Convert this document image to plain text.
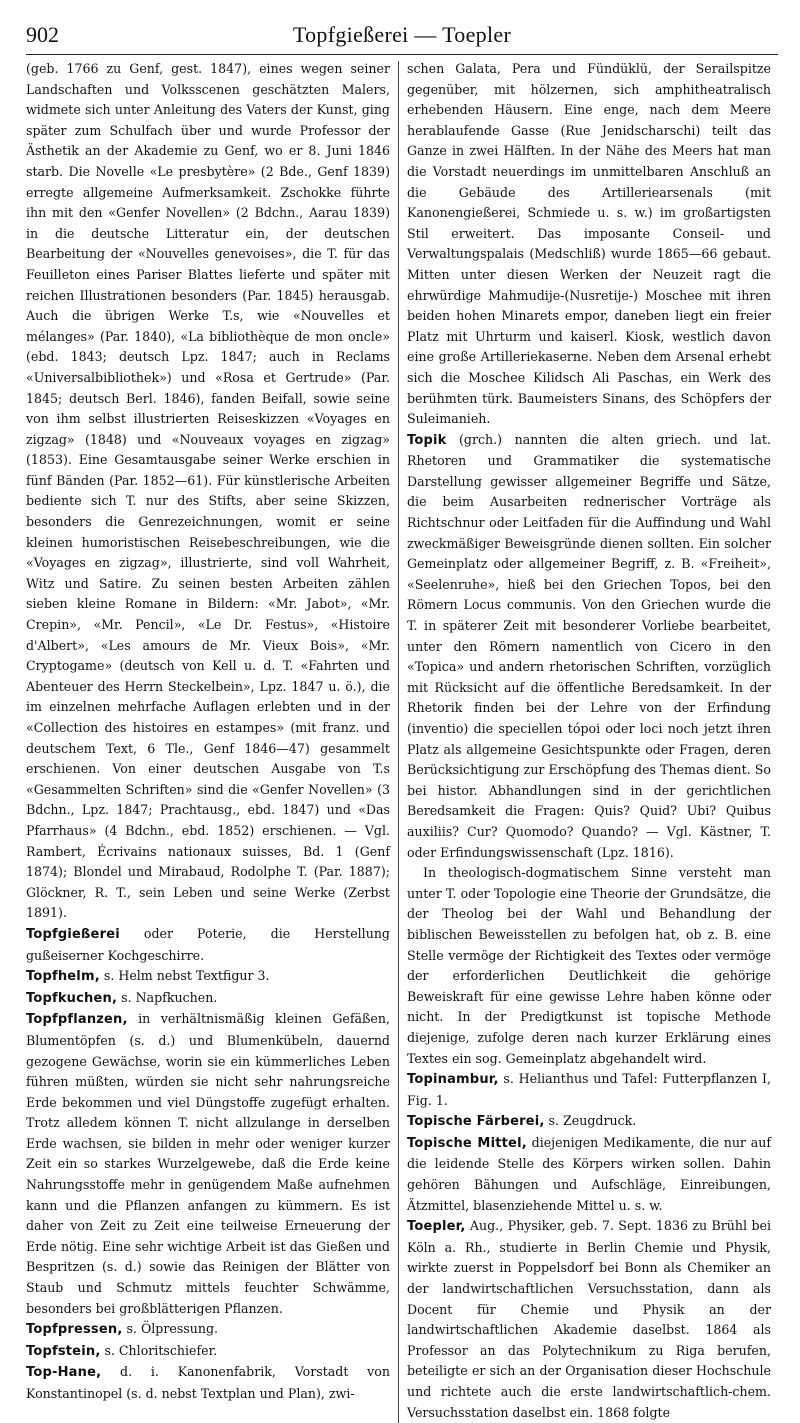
902	Topfgießerei — Toepler

(geb. 1766 zu Genf, gest. 1847), eines wegen seiner Landschaften und Volksscenen geschätzten Malers, widmete sich unter Anleitung des Vaters der Kunst, ging später zum Schulfach über und wurde Professor der Ästhetik an der Akademie zu Genf, wo er 8. Juni 1846 starb. Die Novelle «Le presbytère» (2 Bde., Genf 1839) erregte allgemeine Aufmerksamkeit. Zschokke führte ihn mit den «Genfer Novellen» (2 Bdchn., Aarau 1839) in die deutsche Litteratur ein, der deutschen Bearbeitung der «Nouvelles genevoises», die T. für das Feuilleton eines Pariser Blattes lieferte und später mit reichen Illustrationen besonders (Par. 1845) herausgab. Auch die übrigen Werke T.s, wie «Nouvelles et mélanges» (Par. 1840), «La bibliothèque de mon oncle» (ebd. 1843; deutsch Lpz. 1847; auch in Reclams «Universalbibliothek») und «Rosa et Gertrude» (Par. 1845; deutsch Berl. 1846), fanden Beifall, sowie seine von ihm selbst illustrierten Reiseskizzen «Voyages en zigzag» (1848) und «Nouveaux voyages en zigzag» (1853). Eine Gesamtausgabe seiner Werke erschien in fünf Bänden (Par. 1852—61). Für künstlerische Arbeiten bediente sich T. nur des Stifts, aber seine Skizzen, besonders die Genrezeichnungen, womit er seine kleinen humoristischen Reisebeschreibungen, wie die «Voyages en zigzag», illustrierte, sind voll Wahrheit, Witz und Satire. Zu seinen besten Arbeiten zählen sieben kleine Romane in Bildern: «Mr. Jabot», «Mr. Crepin», «Mr. Pencil», «Le Dr. Festus», «Histoire d'Albert», «Les amours de Mr. Vieux Bois», «Mr. Cryptogame» (deutsch von Kell u. d. T. «Fahrten und Abenteuer des Herrn Steckelbein», Lpz. 1847 u. ö.), die im einzelnen mehrfache Auflagen erlebten und in der «Collection des histoires en estampes» (mit franz. und deutschem Text, 6 Tle., Genf 1846—47) gesammelt erschienen. Von einer deutschen Ausgabe von T.s «Gesammelten Schriften» sind die «Genfer Novellen» (3 Bdchn., Lpz. 1847; Prachtausg., ebd. 1847) und «Das Pfarrhaus» (4 Bdchn., ebd. 1852) erschienen. — Vgl. Rambert, Écrivains nationaux suisses, Bd. 1 (Genf 1874); Blondel und Mirabaud, Rodolphe T. (Par. 1887); Glöckner, R. T., sein Leben und seine Werke (Zerbst 1891).

Topfgießerei oder Poterie, die Herstellung gußeiserner Kochgeschirre.

Topfhelm, s. Helm nebst Textfigur 3.

Topfkuchen, s. Napfkuchen.

Topfpflanzen, in verhältnismäßig kleinen Gefäßen, Blumentöpfen (s. d.) und Blumenkübeln, dauernd gezogene Gewächse, worin sie ein kümmerliches Leben führen müßten, würden sie nicht sehr nahrungsreiche Erde bekommen und viel Düngstoffe zugefügt erhalten. Trotz alledem können T. nicht allzulange in derselben Erde wachsen, sie bilden in mehr oder weniger kurzer Zeit ein so starkes Wurzelgewebe, daß die Erde keine Nahrungsstoffe mehr in genügendem Maße aufnehmen kann und die Pflanzen anfangen zu kümmern. Es ist daher von Zeit zu Zeit eine teilweise Erneuerung der Erde nötig. Eine sehr wichtige Arbeit ist das Gießen und Bespritzen (s. d.) sowie das Reinigen der Blätter von Staub und Schmutz mittels feuchter Schwämme, besonders bei großblätterigen Pflanzen.

Topfpressen, s. Ölpressung.

Topfstein, s. Chloritschiefer.

Top-Hane, d. i. Kanonenfabrik, Vorstadt von Konstantinopel (s. d. nebst Textplan und Plan), zwi-

schen Galata, Pera und Fündüklü, der Serailspitze gegenüber, mit hölzernen, sich amphitheatralisch erhebenden Häusern. Eine enge, nach dem Meere herablaufende Gasse (Rue Jenidscharschi) teilt das Ganze in zwei Hälften. In der Nähe des Meers hat man die Vorstadt neuerdings im unmittelbaren Anschluß an die Gebäude des Artilleriearsenals (mit Kanonengießerei, Schmiede u. s. w.) im großartigsten Stil erweitert. Das imposante Conseil- und Verwaltungspalais (Medschliß) wurde 1865—66 gebaut. Mitten unter diesen Werken der Neuzeit ragt die ehrwürdige Mahmudije-(Nusretije-) Moschee mit ihren beiden hohen Minarets empor, daneben liegt ein freier Platz mit Uhrturm und kaiserl. Kiosk, westlich davon eine große Artilleriekaserne. Neben dem Arsenal erhebt sich die Moschee Kilidsch Ali Paschas, ein Werk des berühmten türk. Baumeisters Sinans, des Schöpfers der Suleimanieh.

Topik (grch.) nannten die alten griech. und lat. Rhetoren und Grammatiker die systematische Darstellung gewisser allgemeiner Begriffe und Sätze, die beim Ausarbeiten rednerischer Vorträge als Richtschnur oder Leitfaden für die Auffindung und Wahl zweckmäßiger Beweisgründe dienen sollten. Ein solcher Gemeinplatz oder allgemeiner Begriff, z. B. «Freiheit», «Seelenruhe», hieß bei den Griechen Topos, bei den Römern Locus communis. Von den Griechen wurde die T. in späterer Zeit mit besonderer Vorliebe bearbeitet, unter den Römern namentlich von Cicero in den «Topica» und andern rhetorischen Schriften, vorzüglich mit Rücksicht auf die öffentliche Beredsamkeit. In der Rhetorik finden bei der Lehre von der Erfindung (inventio) die speciellen tópoi oder loci noch jetzt ihren Platz als allgemeine Gesichtspunkte oder Fragen, deren Berücksichtigung zur Erschöpfung des Themas dient. So bei histor. Abhandlungen sind in der gerichtlichen Beredsamkeit die Fragen: Quis? Quid? Ubi? Quibus auxiliis? Cur? Quomodo? Quando? — Vgl. Kästner, T. oder Erfindungswissenschaft (Lpz. 1816).

In theologisch-dogmatischem Sinne versteht man unter T. oder Topologie eine Theorie der Grundsätze, die der Theolog bei der Wahl und Behandlung der biblischen Beweisstellen zu befolgen hat, ob z. B. eine Stelle vermöge der Richtigkeit des Textes oder vermöge der erforderlichen Deutlichkeit die gehörige Beweiskraft für eine gewisse Lehre haben könne oder nicht. In der Predigtkunst ist topische Methode diejenige, zufolge deren nach kurzer Erklärung eines Textes ein sog. Gemeinplatz abgehandelt wird.

Topinambur, s. Helianthus und Tafel: Futterpflanzen I, Fig. 1.

Topische Färberei, s. Zeugdruck.

Topische Mittel, diejenigen Medikamente, die nur auf die leidende Stelle des Körpers wirken sollen. Dahin gehören Bähungen und Aufschläge, Einreibungen, Ätzmittel, blasenziehende Mittel u. s. w.

Toepler, Aug., Physiker, geb. 7. Sept. 1836 zu Brühl bei Köln a. Rh., studierte in Berlin Chemie und Physik, wirkte zuerst in Poppelsdorf bei Bonn als Chemiker an der landwirtschaftlichen Versuchsstation, dann als Docent für Chemie und Physik an der landwirtschaftlichen Akademie daselbst. 1864 als Professor an das Polytechnikum zu Riga berufen, beteiligte er sich an der Organisation dieser Hochschule und richtete auch die erste landwirtschaftlich-chem. Versuchsstation daselbst ein. 1868 folgte
